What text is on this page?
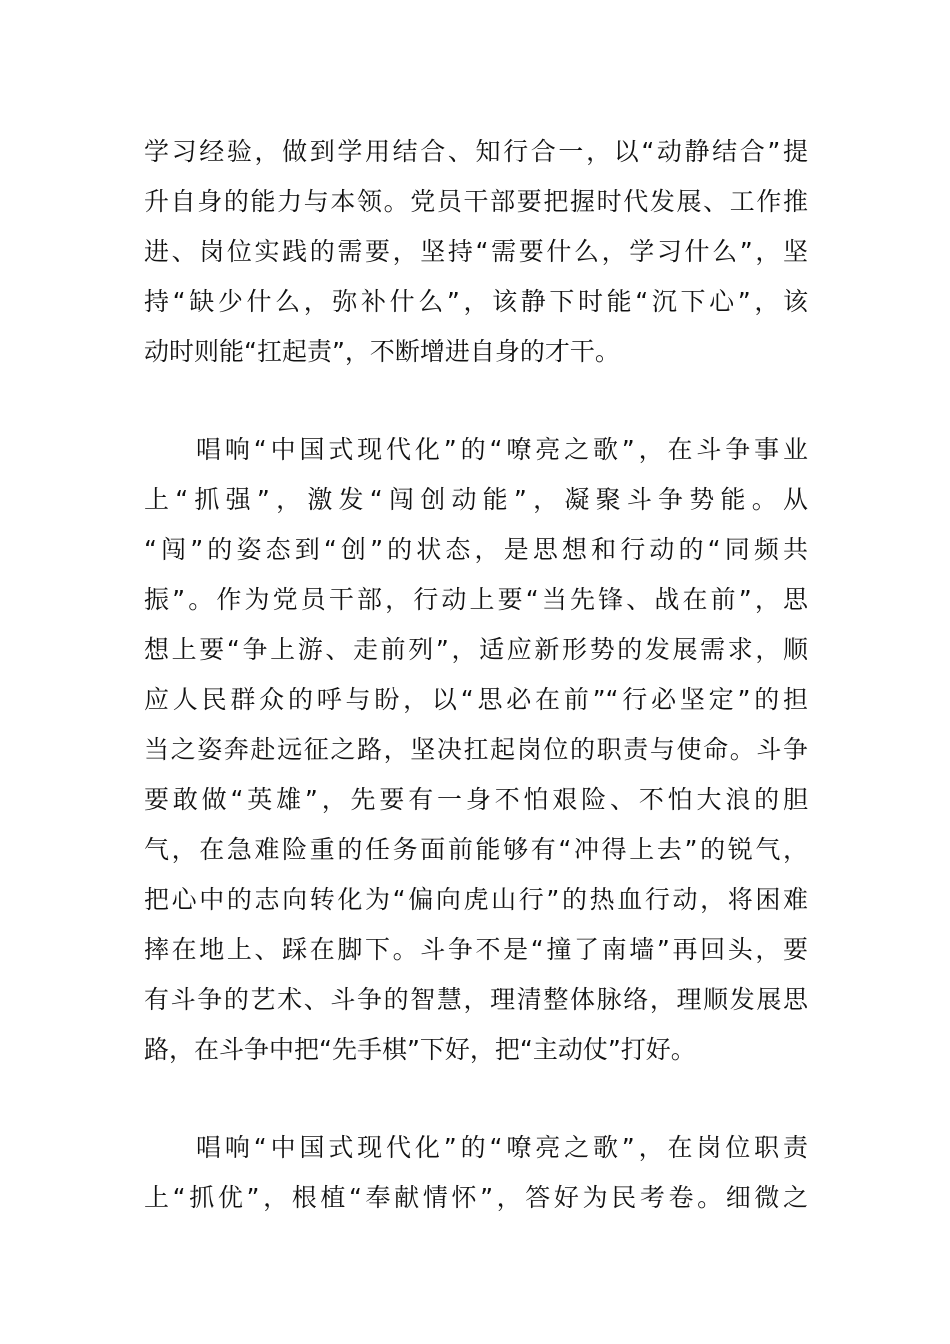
学习经验，做到学用结合、知行合一，以“动静结合”提
升自身的能力与本领。党员干部要把握时代发展、工作推
进、岗位实践的需要，坚持“需要什么，学习什么”，坚
持“缺少什么，弥补什么”，该静下时能“沉下心”，该
动时则能“扛起责”，不断增进自身的才干。
唱响“中国式现代化”的“嘹亮之歌”，在斗争事业
上“抓强”，激发“闯创动能”，凝聚斗争势能。从
“闯”的姿态到“创”的状态，是思想和行动的“同频共
振”。作为党员干部，行动上要“当先锋、战在前”，思
想上要“争上游、走前列”，适应新形势的发展需求，顺
应人民群众的呼与盼，以“思必在前”“行必坚定”的担
当之姿奔赴远征之路，坚决扛起岗位的职责与使命。斗争
要敢做“英雄”，先要有一身不怕艰险、不怕大浪的胆
气，在急难险重的任务面前能够有“冲得上去”的锐气，
把心中的志向转化为“偏向虎山行”的热血行动，将困难
摔在地上、踩在脚下。斗争不是“撞了南墙”再回头，要
有斗争的艺术、斗争的智慧，理清整体脉络，理顺发展思
路，在斗争中把“先手棋”下好，把“主动仗”打好。
唱响“中国式现代化”的“嘹亮之歌”，在岗位职责
上“抓优”，根植“奉献情怀”，答好为民考卷。细微之
